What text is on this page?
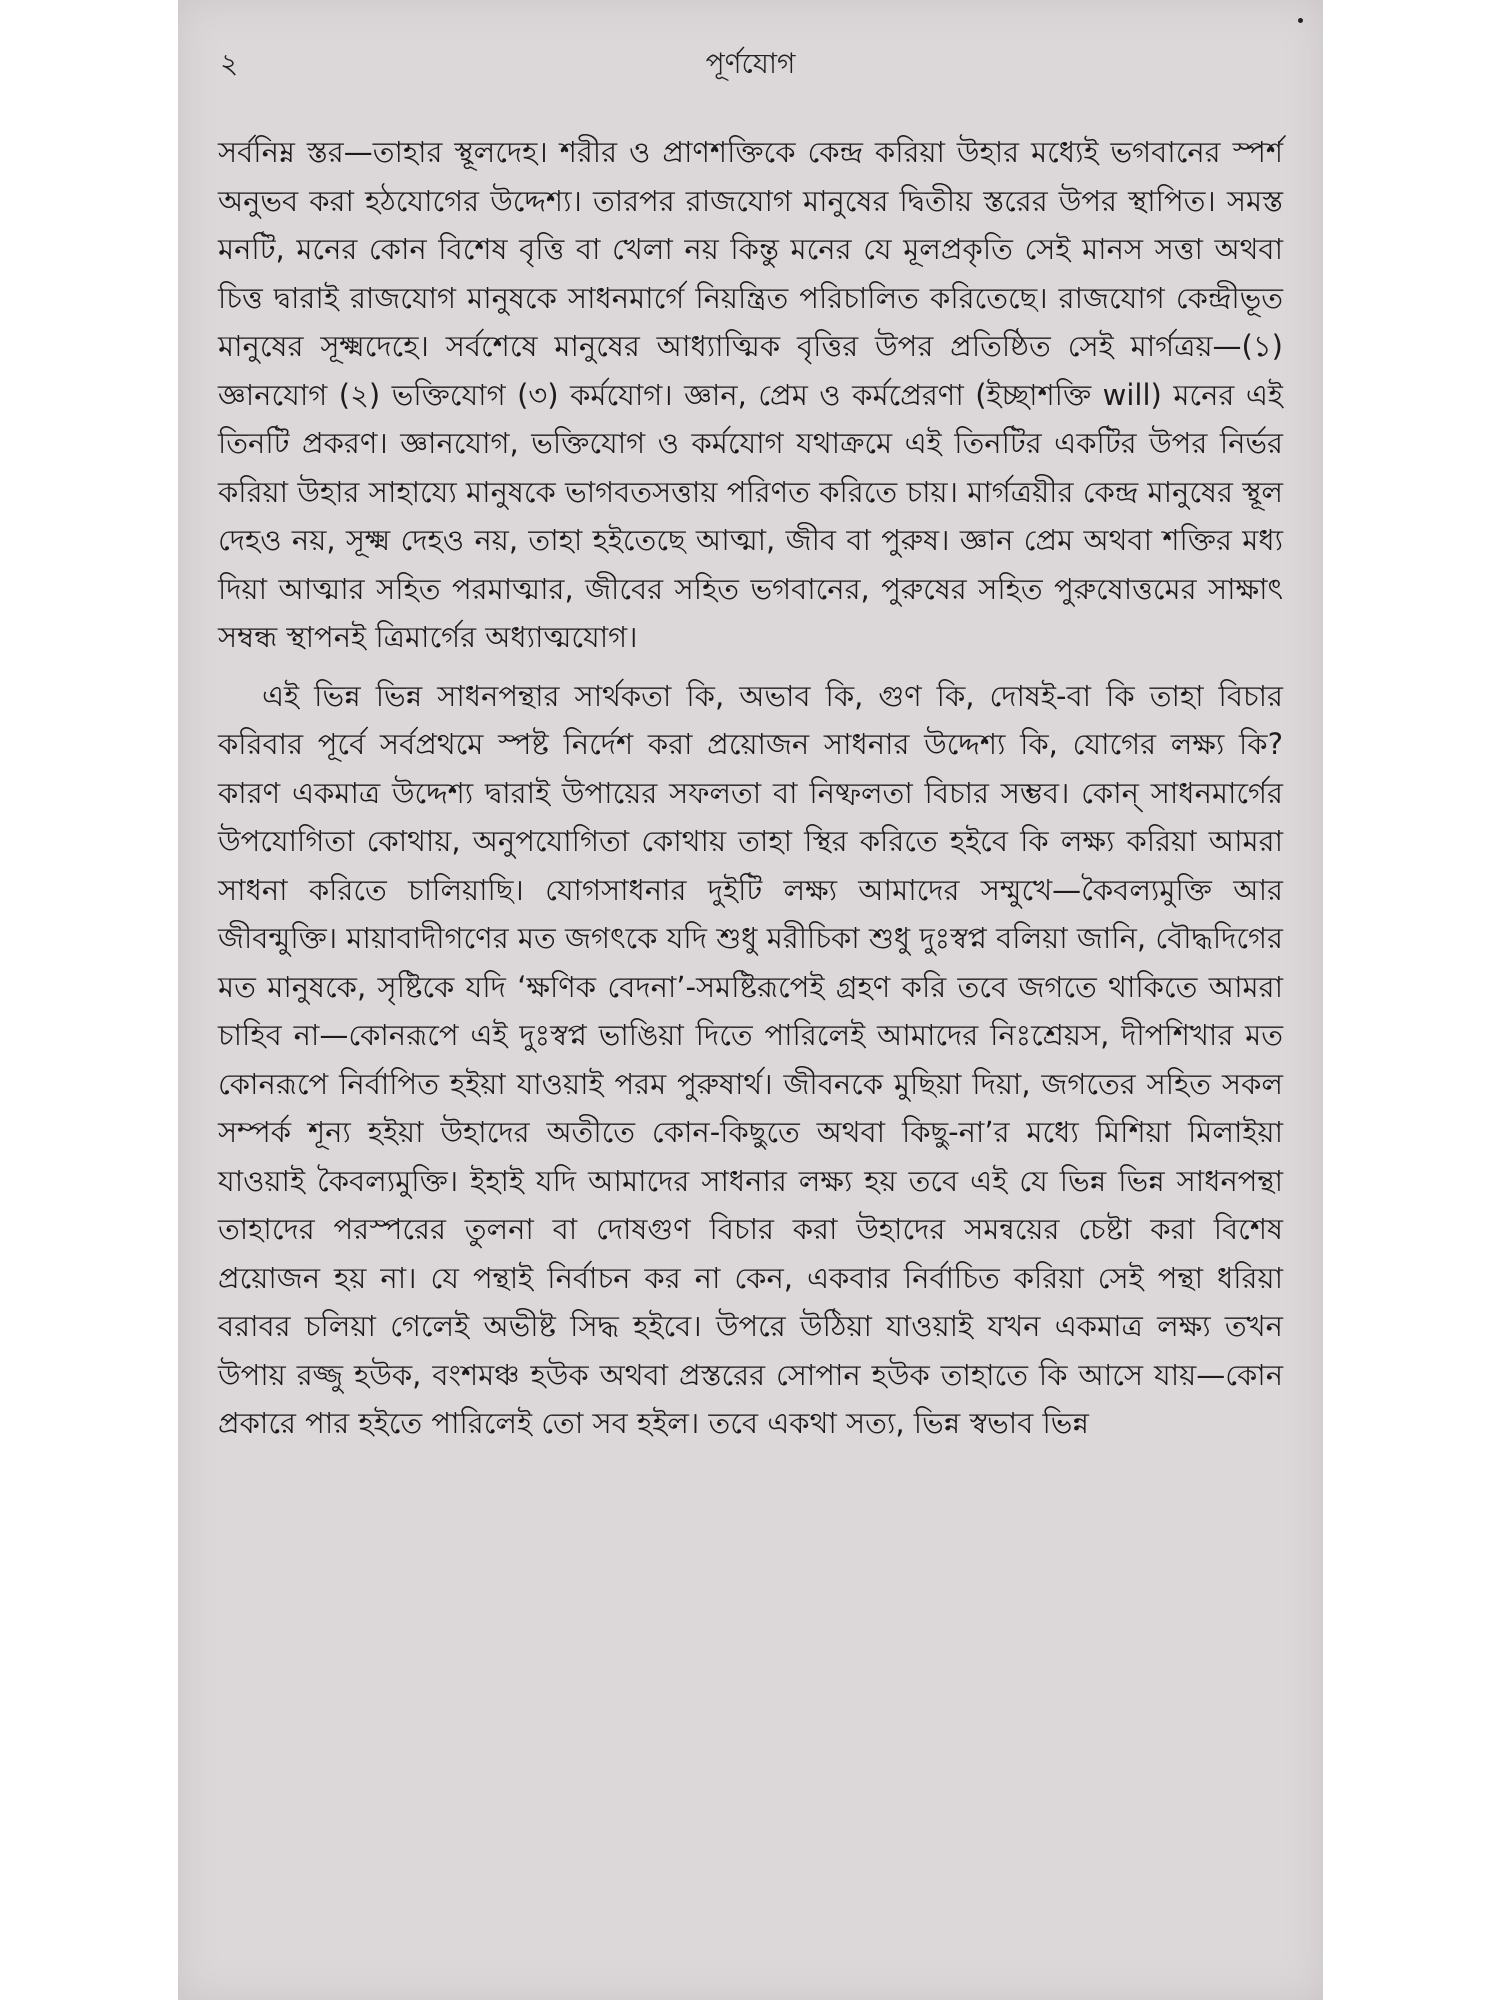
২	পূর্ণযোগ

সর্বনিম্ন স্তর—তাহার স্থূলদেহ। শরীর ও প্রাণশক্তিকে কেন্দ্র করিয়া উহার মধ্যেই ভগবানের স্পর্শ অনুভব করা হঠযোগের উদ্দেশ্য। তারপর রাজযোগ মানুষের দ্বিতীয় স্তরের উপর স্থাপিত। সমস্ত মনটি, মনের কোন বিশেষ বৃত্তি বা খেলা নয় কিন্তু মনের যে মূলপ্রকৃতি সেই মানস সত্তা অথবা চিত্ত দ্বারাই রাজযোগ মানুষকে সাধনমার্গে নিয়ন্ত্রিত পরিচালিত করিতেছে। রাজযোগ কেন্দ্রীভূত মানুষের সূক্ষ্মদেহে। সর্বশেষে মানুষের আধ্যাত্মিক বৃত্তির উপর প্রতিষ্ঠিত সেই মার্গত্রয়—(১) জ্ঞানযোগ (২) ভক্তিযোগ (৩) কর্মযোগ। জ্ঞান, প্রেম ও কর্মপ্রেরণা (ইচ্ছাশক্তি will) মনের এই তিনটি প্রকরণ। জ্ঞানযোগ, ভক্তিযোগ ও কর্মযোগ যথাক্রমে এই তিনটির একটির উপর নির্ভর করিয়া উহার সাহায্যে মানুষকে ভাগবতসত্তায় পরিণত করিতে চায়। মার্গত্রয়ীর কেন্দ্র মানুষের স্থূল দেহও নয়, সূক্ষ্ম দেহও নয়, তাহা হইতেছে আত্মা, জীব বা পুরুষ। জ্ঞান প্রেম অথবা শক্তির মধ্য দিয়া আত্মার সহিত পরমাত্মার, জীবের সহিত ভগবানের, পুরুষের সহিত পুরুষোত্তমের সাক্ষাৎ সম্বন্ধ স্থাপনই ত্রিমার্গের অধ্যাত্মযোগ।

এই ভিন্ন ভিন্ন সাধনপন্থার সার্থকতা কি, অভাব কি, গুণ কি, দোষই-বা কি তাহা বিচার করিবার পূর্বে সর্বপ্রথমে স্পষ্ট নির্দেশ করা প্রয়োজন সাধনার উদ্দেশ্য কি, যোগের লক্ষ্য কি? কারণ একমাত্র উদ্দেশ্য দ্বারাই উপায়ের সফলতা বা নিষ্ফলতা বিচার সম্ভব। কোন্ সাধনমার্গের উপযোগিতা কোথায়, অনুপযোগিতা কোথায় তাহা স্থির করিতে হইবে কি লক্ষ্য করিয়া আমরা সাধনা করিতে চালিয়াছি। যোগসাধনার দুইটি লক্ষ্য আমাদের সম্মুখে—কৈবল্যমুক্তি আর জীবন্মুক্তি। মায়াবাদীগণের মত জগৎকে যদি শুধু মরীচিকা শুধু দুঃস্বপ্ন বলিয়া জানি, বৌদ্ধদিগের মত মানুষকে, সৃষ্টিকে যদি ‘ক্ষণিক বেদনা’-সমষ্টিরূপেই গ্রহণ করি তবে জগতে থাকিতে আমরা চাহিব না—কোনরূপে এই দুঃস্বপ্ন ভাঙিয়া দিতে পারিলেই আমাদের নিঃশ্রেয়স, দীপশিখার মত কোনরূপে নির্বাপিত হইয়া যাওয়াই পরম পুরুষার্থ। জীবনকে মুছিয়া দিয়া, জগতের সহিত সকল সম্পর্ক শূন্য হইয়া উহাদের অতীতে কোন-কিছুতে অথবা কিছু-না’র মধ্যে মিশিয়া মিলাইয়া যাওয়াই কৈবল্যমুক্তি। ইহাই যদি আমাদের সাধনার লক্ষ্য হয় তবে এই যে ভিন্ন ভিন্ন সাধনপন্থা তাহাদের পরস্পরের তুলনা বা দোষগুণ বিচার করা উহাদের সমন্বয়ের চেষ্টা করা বিশেষ প্রয়োজন হয় না। যে পন্থাই নির্বাচন কর না কেন, একবার নির্বাচিত করিয়া সেই পন্থা ধরিয়া বরাবর চলিয়া গেলেই অভীষ্ট সিদ্ধ হইবে। উপরে উঠিয়া যাওয়াই যখন একমাত্র লক্ষ্য তখন উপায় রজ্জু হউক, বংশমঞ্চ হউক অথবা প্রস্তরের সোপান হউক তাহাতে কি আসে যায়—কোন প্রকারে পার হইতে পারিলেই তো সব হইল। তবে একথা সত্য, ভিন্ন স্বভাব ভিন্ন
